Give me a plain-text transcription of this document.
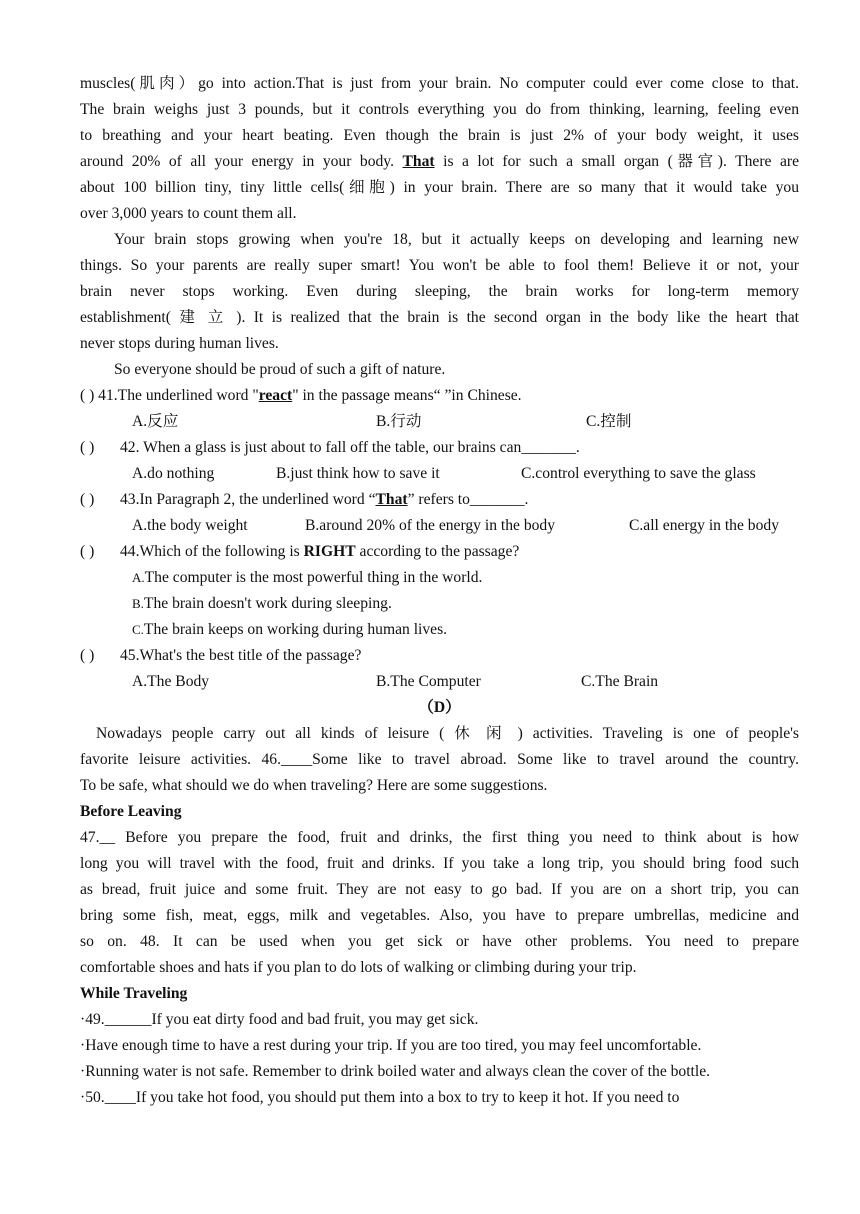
muscles(肌肉）go into action.That is just from your brain. No computer could ever come close to that.
The brain weighs just 3 pounds, but it controls everything you do from thinking, learning, feeling even
to breathing and your heart beating. Even though the brain is just 2% of your body weight, it uses
around 20% of all your energy in your body. That is a lot for such a small organ (器官). There are
about 100 billion tiny, tiny little cells(细胞) in your brain. There are so many that it would take you
over 3,000 years to count them all.
Your brain stops growing when you're 18, but it actually keeps on developing and learning new
things. So your parents are really super smart! You won't be able to fool them! Believe it or not, your
brain never stops working. Even during sleeping, the brain works for long-term memory
establishment( 建 立 ). It is realized that the brain is the second organ in the body like the heart that
never stops during human lives.
So everyone should be proud of such a gift of nature.
( ) 41.The underlined word "react" in the passage means“ ”in Chinese.
A.反应	B.行动	C.控制
( ) 42. When a glass is just about to fall off the table, our brains can_______.
A.do nothing	B.just think how to save it	C.control everything to save the glass
( ) 43.In Paragraph 2, the underlined word “That” refers to_______.
A.the body weight	B.around 20% of the energy in the body	C.all energy in the body
( ) 44.Which of the following is RIGHT according to the passage?
A.The computer is the most powerful thing in the world.
B.The brain doesn't work during sleeping.
C.The brain keeps on working during human lives.
( ) 45.What's the best title of the passage?
A.The Body	B.The Computer	C.The Brain
（D）
Nowadays people carry out all kinds of leisure ( 休 闲 ) activities. Traveling is one of people's
favorite leisure activities. 46.____Some like to travel abroad. Some like to travel around the country.
To be safe, what should we do when traveling? Here are some suggestions.
Before Leaving
47.__ Before you prepare the food, fruit and drinks, the first thing you need to think about is how
long you will travel with the food, fruit and drinks. If you take a long trip, you should bring food such
as bread, fruit juice and some fruit. They are not easy to go bad. If you are on a short trip, you can
bring some fish, meat, eggs, milk and vegetables. Also, you have to prepare umbrellas, medicine and
so on. 48. It can be used when you get sick or have other problems. You need to prepare
comfortable shoes and hats if you plan to do lots of walking or climbing during your trip.
While Traveling
·49.______If you eat dirty food and bad fruit, you may get sick.
·Have enough time to have a rest during your trip. If you are too tired, you may feel uncomfortable.
·Running water is not safe. Remember to drink boiled water and always clean the cover of the bottle.
·50.____If you take hot food, you should put them into a box to try to keep it hot. If you need to
